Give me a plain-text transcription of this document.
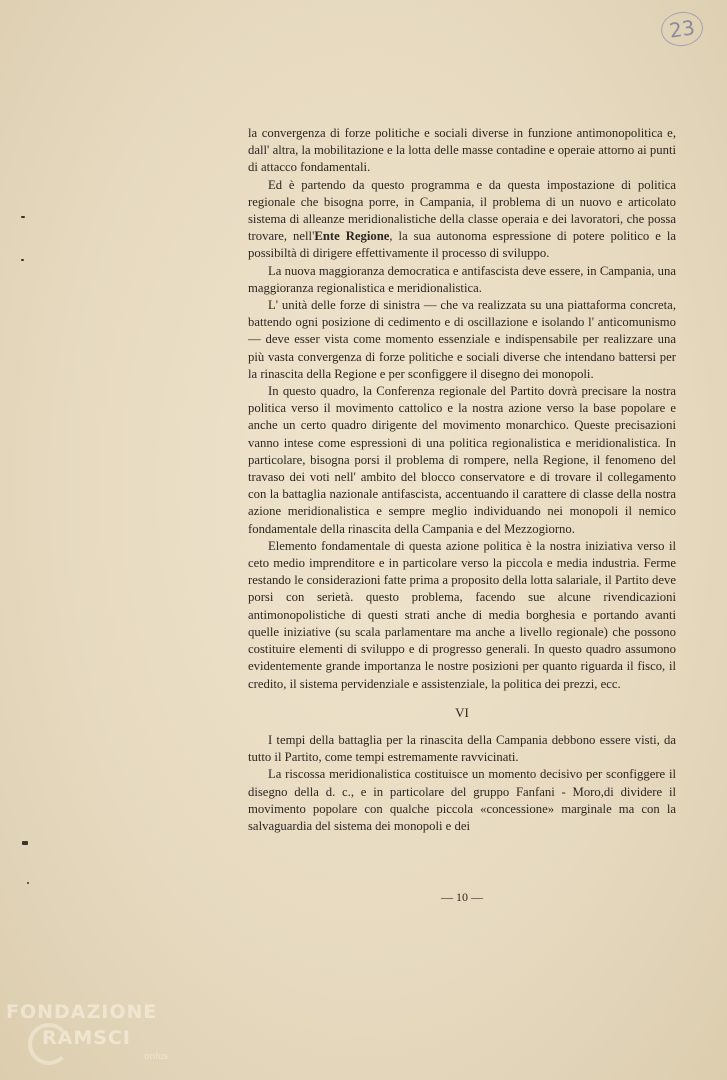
23

la convergenza di forze politiche e sociali diverse in funzione antimonopolitica e, dall' altra, la mobilitazione e la lotta delle masse contadine e operaie attorno ai punti di attacco fondamentali.

Ed è partendo da questo programma e da questa impostazione di politica regionale che bisogna porre, in Campania, il problema di un nuovo e articolato sistema di alleanze meridionalistiche della classe operaia e dei lavoratori, che possa trovare, nell'Ente Regione, la sua autonoma espressione di potere politico e la possibiltà di dirigere effettivamente il processo di sviluppo.

La nuova maggioranza democratica e antifascista deve essere, in Campania, una maggioranza regionalistica e meridionalistica.

L' unità delle forze di sinistra — che va realizzata su una piattaforma concreta, battendo ogni posizione di cedimento e di oscillazione e isolando l' anticomunismo — deve esser vista come momento essenziale e indispensabile per realizzare una più vasta convergenza di forze politiche e sociali diverse che intendano battersi per la rinascita della Regione e per sconfiggere il disegno dei monopoli.

In questo quadro, la Conferenza regionale del Partito dovrà precisare la nostra politica verso il movimento cattolico e la nostra azione verso la base popolare e anche un certo quadro dirigente del movimento monarchico. Queste precisazioni vanno intese come espressioni di una politica regionalistica e meridionalistica. In particolare, bisogna porsi il problema di rompere, nella Regione, il fenomeno del travaso dei voti nell' ambito del blocco conservatore e di trovare il collegamento con la battaglia nazionale antifascista, accentuando il carattere di classe della nostra azione meridionalistica e sempre meglio individuando nei monopoli il nemico fondamentale della rinascita della Campania e del Mezzogiorno.

Elemento fondamentale di questa azione politica è la nostra iniziativa verso il ceto medio imprenditore e in particolare verso la piccola e media industria. Ferme restando le considerazioni fatte prima a proposito della lotta salariale, il Partito deve porsi con serietà. questo problema, facendo sue alcune rivendicazioni antimonopolistiche di questi strati anche di media borghesia e portando avanti quelle iniziative (su scala parlamentare ma anche a livello regionale) che possono costituire elementi di sviluppo e di progresso generali. In questo quadro assumono evidentemente grande importanza le nostre posizioni per quanto riguarda il fisco, il credito, il sistema pervidenziale e assistenziale, la politica dei prezzi, ecc.

VI

I tempi della battaglia per la rinascita della Campania debbono essere visti, da tutto il Partito, come tempi estremamente ravvicinati.

La riscossa meridionalistica costituisce un momento decisivo per sconfiggere il disegno della d. c., e in particolare del gruppo Fanfani - Moro,di dividere il movimento popolare con qualche piccola «concessione» marginale ma con la salvaguardia del sistema dei monopoli e dei

— 10 —
FONDAZIONE
RAMSCI
onlus
